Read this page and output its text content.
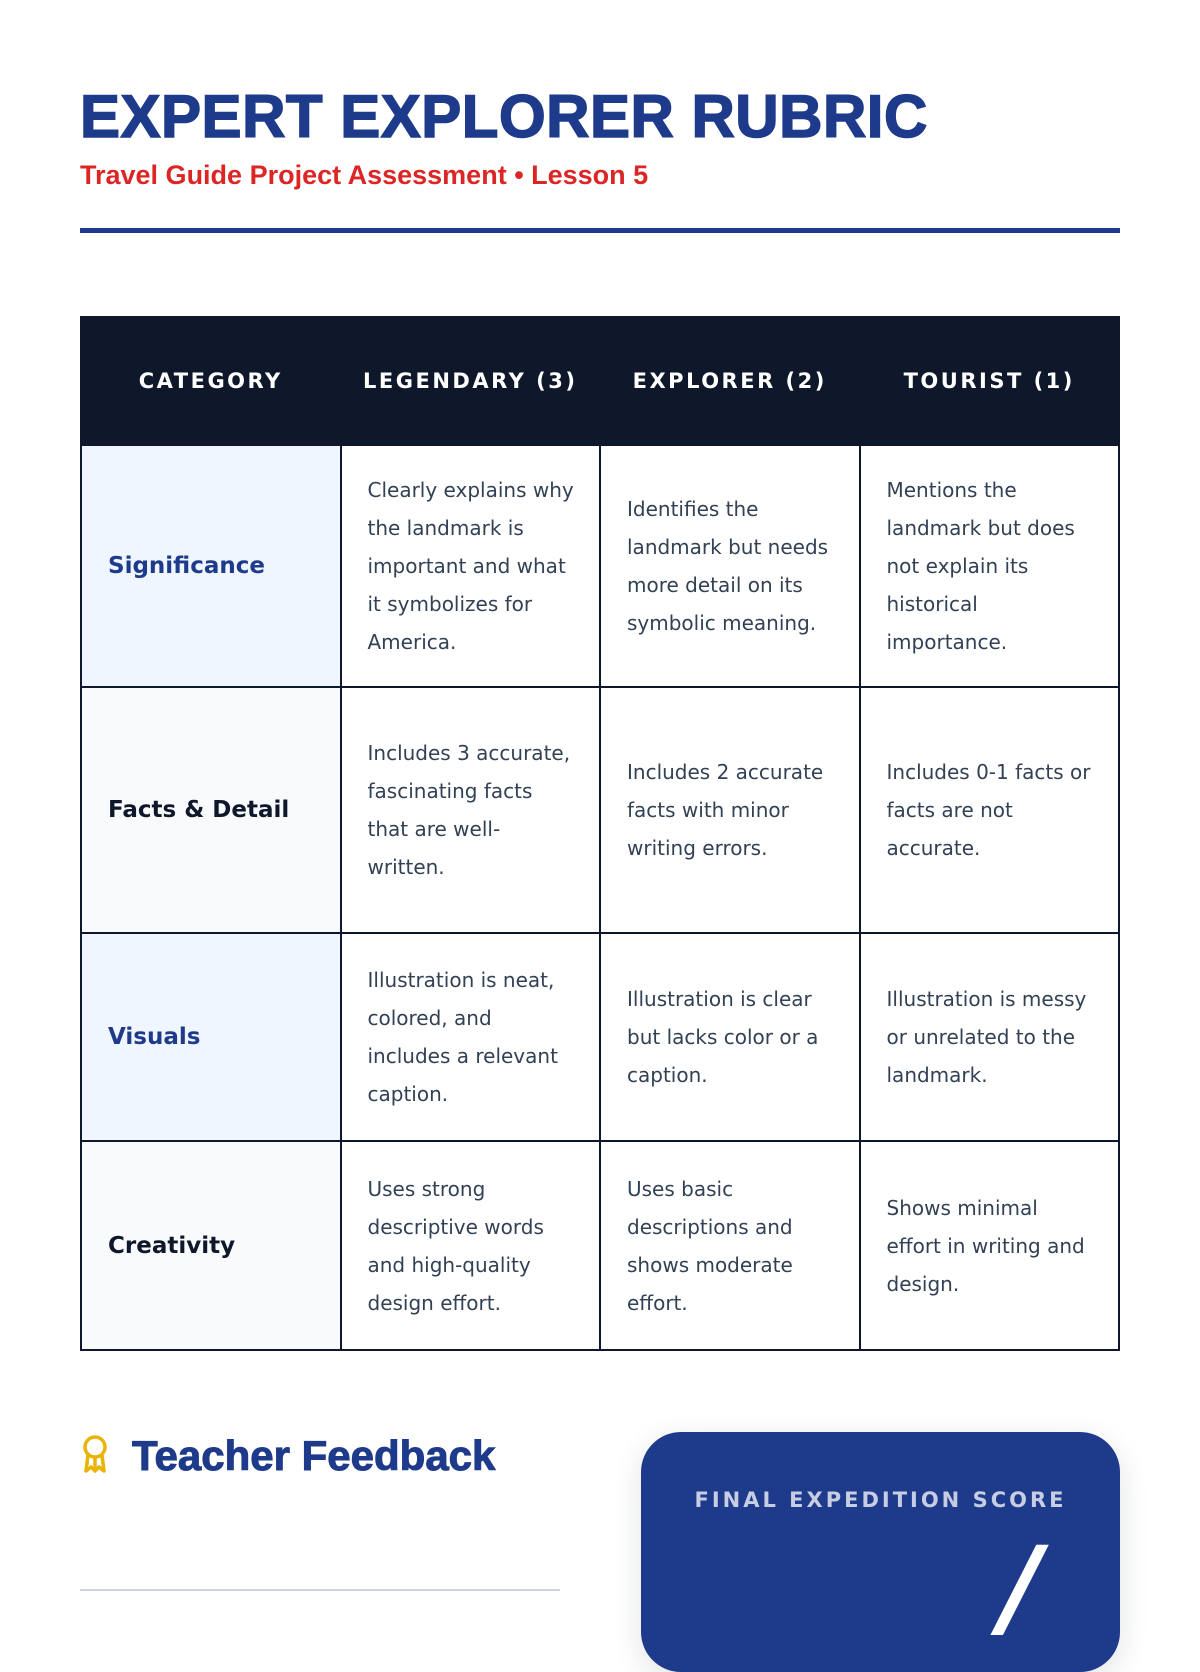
EXPERT EXPLORER RUBRIC
Travel Guide Project Assessment • Lesson 5
CATEGORY	LEGENDARY (3)	EXPLORER (2)	TOURIST (1)
Significance	Clearly explains why the landmark is important and what it symbolizes for America.	Identifies the landmark but needs more detail on its symbolic meaning.	Mentions the landmark but does not explain its historical importance.
Facts & Detail	Includes 3 accurate, fascinating facts that are well-written.	Includes 2 accurate facts with minor writing errors.	Includes 0-1 facts or facts are not accurate.
Visuals	Illustration is neat, colored, and includes a relevant caption.	Illustration is clear but lacks color or a caption.	Illustration is messy or unrelated to the landmark.
Creativity	Uses strong descriptive words and high-quality design effort.	Uses basic descriptions and shows moderate effort.	Shows minimal effort in writing and design.
Teacher Feedback
FINAL EXPEDITION SCORE
/
